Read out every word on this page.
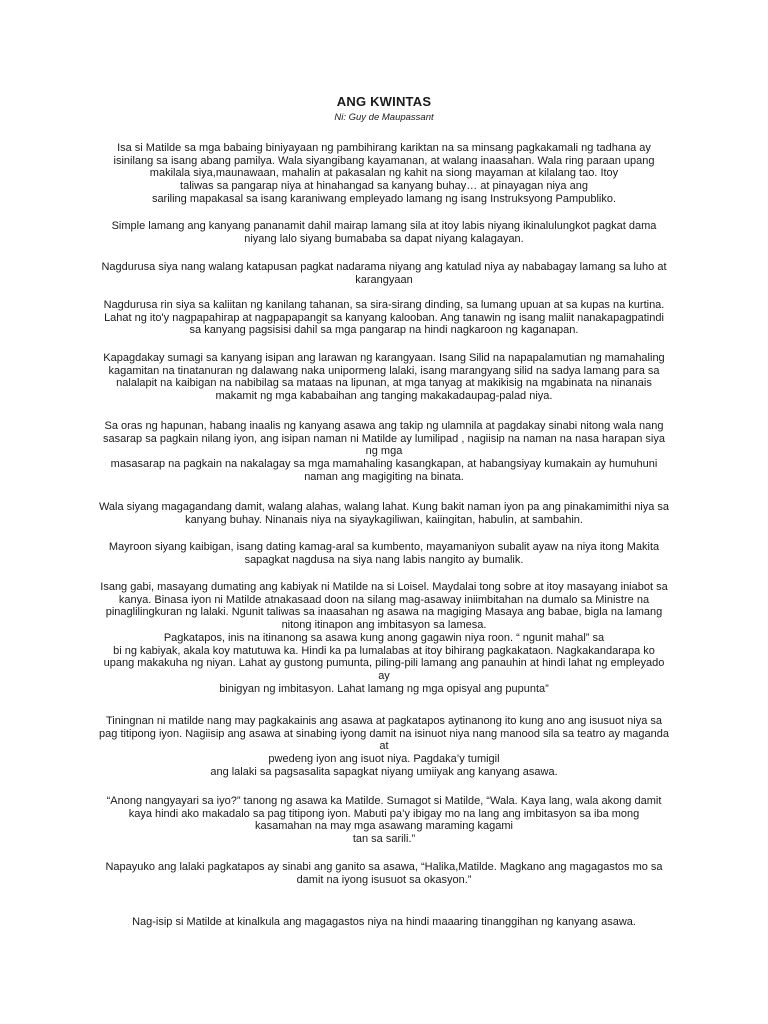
ANG KWINTAS
Ni: Guy de Maupassant
Isa si Matilde sa mga babaing biniyayaan ng pambihirang kariktan na sa minsang pagkakamali ng tadhana ay
isinilang sa isang abang pamilya. Wala siyangibang kayamanan, at walang inaasahan. Wala ring paraan upang
makilala siya,maunawaan, mahalin at pakasalan ng kahit na siong mayaman at kilalang tao. Itoy
taliwas sa pangarap niya at hinahangad sa kanyang buhay… at pinayagan niya ang
sariling mapakasal sa isang karaniwang empleyado lamang ng isang Instruksyong Pampubliko.
Simple lamang ang kanyang pananamit dahil mairap lamang sila at itoy labis niyang ikinalulungkot pagkat dama
niyang lalo siyang bumababa sa dapat niyang kalagayan.
Nagdurusa siya nang walang katapusan pagkat nadarama niyang ang katulad niya ay nababagay lamang sa luho at
karangyaan
Nagdurusa rin siya sa kaliitan ng kanilang tahanan, sa sira-sirang dinding, sa lumang upuan at sa kupas na kurtina.
Lahat ng ito'y nagpapahirap at nagpapapangit sa kanyang kalooban. Ang tanawin ng isang maliit nanakapagpatindi
sa kanyang pagsisisi dahil sa mga pangarap na hindi nagkaroon ng kaganapan.
Kapagdakay sumagi sa kanyang isipan ang larawan ng karangyaan. Isang Silid na napapalamutian ng mamahaling
kagamitan na tinatanuran ng dalawang naka unipormeng lalaki, isang marangyang silid na sadya lamang para sa
nalalapit na kaibigan na nabibilag sa mataas na lipunan, at mga tanyag at makikisig na mgabinata na ninanais
makamit ng mga kababaihan ang tanging makakadaupag-palad niya.
Sa oras ng hapunan, habang inaalis ng kanyang asawa ang takip ng ulamnila at pagdakay sinabi nitong wala nang
sasarap sa pagkain nilang iyon, ang isipan naman ni Matilde ay lumilipad , nagiisip na naman na nasa harapan siya
ng mga
masasarap na pagkain na nakalagay sa mga mamahaling kasangkapan, at habangsiyay kumakain ay humuhuni
naman ang magigiting na binata.
Wala siyang magagandang damit, walang alahas, walang lahat. Kung bakit naman iyon pa ang pinakamimithi niya sa
kanyang buhay. Ninanais niya na siyaykagiliwan, kaiingitan, habulin, at sambahin.
Mayroon siyang kaibigan, isang dating kamag-aral sa kumbento, mayamaniyon subalit ayaw na niya itong Makita
sapagkat nagdusa na siya nang labis nangito ay bumalik.
Isang gabi, masayang dumating ang kabiyak ni Matilde na si Loisel. Maydalai tong sobre at itoy masayang iniabot sa
kanya. Binasa iyon ni Matilde atnakasaad doon na silang mag-asaway iniimbitahan na dumalo sa Ministre na
pinaglilingkuran ng lalaki. Ngunit taliwas sa inaasahan ng asawa na magiging Masaya ang babae, bigla na lamang
nitong itinapon ang imbitasyon sa lamesa.
Pagkatapos, inis na itinanong sa asawa kung anong gagawin niya roon. “ ngunit mahal” sa
bi ng kabiyak, akala koy matutuwa ka. Hindi ka pa lumalabas at itoy bihirang pagkakataon. Nagkakandarapa ko
upang makakuha ng niyan. Lahat ay gustong pumunta, piling-pili lamang ang panauhin at hindi lahat ng empleyado
ay
binigyan ng imbitasyon. Lahat lamang ng mga opisyal ang pupunta”
Tiningnan ni matilde nang may pagkakainis ang asawa at pagkatapos aytinanong ito kung ano ang isusuot niya sa
pag titipong iyon. Nagiisip ang asawa at sinabing iyong damit na isinuot niya nang manood sila sa teatro ay maganda
at
pwedeng iyon ang isuot niya. Pagdaka’y tumigil
ang lalaki sa pagsasalita sapagkat niyang umiiyak ang kanyang asawa.
“Anong nangyayari sa iyo?” tanong ng asawa ka Matilde. Sumagot si Matilde, “Wala. Kaya lang, wala akong damit
kaya hindi ako makadalo sa pag titipong iyon. Mabuti pa’y ibigay mo na lang ang imbitasyon sa iba mong
kasamahan na may mga asawang maraming kagami
tan sa sarili.”
Napayuko ang lalaki pagkatapos ay sinabi ang ganito sa asawa, “Halika,Matilde. Magkano ang magagastos mo sa
damit na iyong isusuot sa okasyon.”
Nag-isip si Matilde at kinalkula ang magagastos niya na hindi maaaring tinanggihan ng kanyang asawa.
